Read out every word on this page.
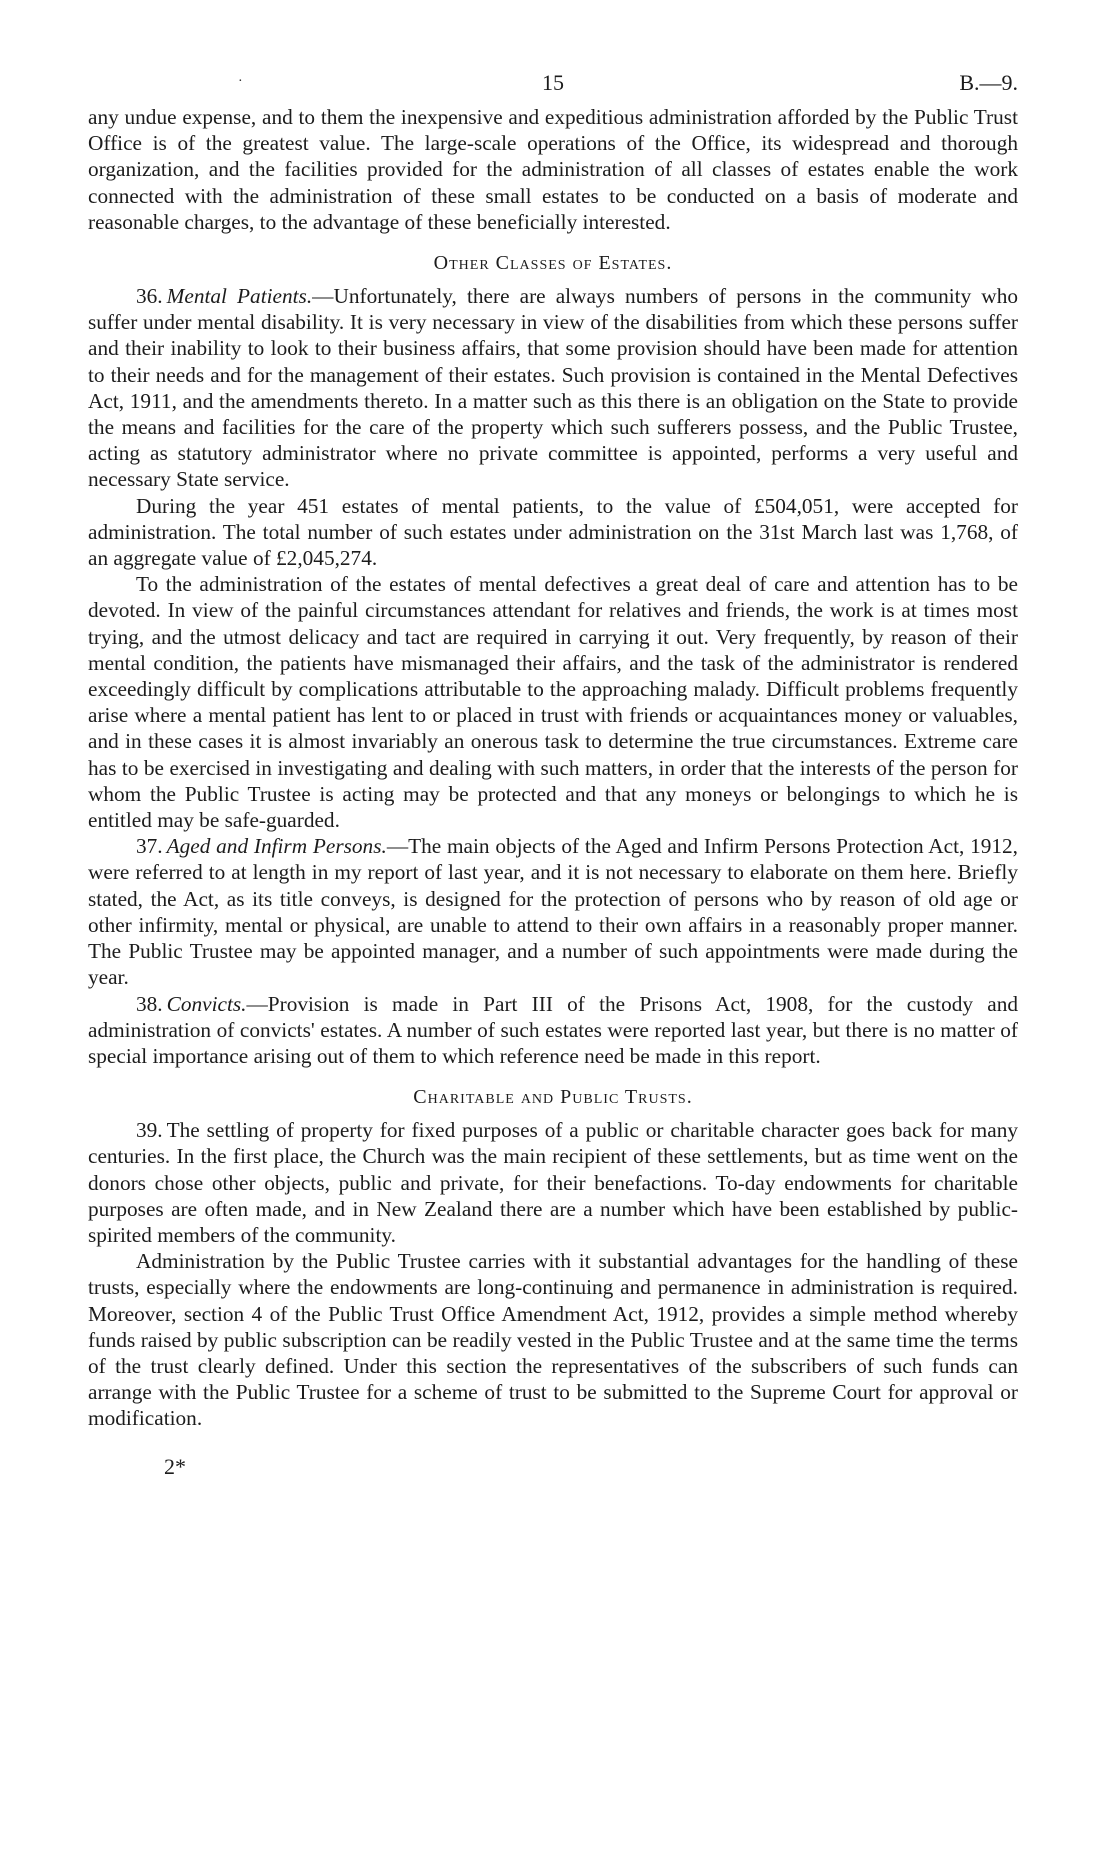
·	15	B.—9.

any undue expense, and to them the inexpensive and expeditious administration afforded by the Public Trust Office is of the greatest value. The large-scale operations of the Office, its widespread and thorough organization, and the facilities provided for the administration of all classes of estates enable the work connected with the administration of these small estates to be conducted on a basis of moderate and reasonable charges, to the advantage of these beneficially interested.

Other Classes of Estates.

36. Mental Patients.—Unfortunately, there are always numbers of persons in the community who suffer under mental disability. It is very necessary in view of the disabilities from which these persons suffer and their inability to look to their business affairs, that some provision should have been made for attention to their needs and for the management of their estates. Such provision is contained in the Mental Defectives Act, 1911, and the amendments thereto. In a matter such as this there is an obligation on the State to provide the means and facilities for the care of the property which such sufferers possess, and the Public Trustee, acting as statutory administrator where no private committee is appointed, performs a very useful and necessary State service.

During the year 451 estates of mental patients, to the value of £504,051, were accepted for administration. The total number of such estates under administration on the 31st March last was 1,768, of an aggregate value of £2,045,274.

To the administration of the estates of mental defectives a great deal of care and attention has to be devoted. In view of the painful circumstances attendant for relatives and friends, the work is at times most trying, and the utmost delicacy and tact are required in carrying it out. Very frequently, by reason of their mental condition, the patients have mismanaged their affairs, and the task of the administrator is rendered exceedingly difficult by complications attributable to the approaching malady. Difficult problems frequently arise where a mental patient has lent to or placed in trust with friends or acquaintances money or valuables, and in these cases it is almost invariably an onerous task to determine the true circumstances. Extreme care has to be exercised in investigating and dealing with such matters, in order that the interests of the person for whom the Public Trustee is acting may be protected and that any moneys or belongings to which he is entitled may be safe-guarded.

37. Aged and Infirm Persons.—The main objects of the Aged and Infirm Persons Protection Act, 1912, were referred to at length in my report of last year, and it is not necessary to elaborate on them here. Briefly stated, the Act, as its title conveys, is designed for the protection of persons who by reason of old age or other infirmity, mental or physical, are unable to attend to their own affairs in a reasonably proper manner. The Public Trustee may be appointed manager, and a number of such appointments were made during the year.

38. Convicts.—Provision is made in Part III of the Prisons Act, 1908, for the custody and administration of convicts' estates. A number of such estates were reported last year, but there is no matter of special importance arising out of them to which reference need be made in this report.

Charitable and Public Trusts.

39. The settling of property for fixed purposes of a public or charitable character goes back for many centuries. In the first place, the Church was the main recipient of these settlements, but as time went on the donors chose other objects, public and private, for their benefactions. To-day endowments for charitable purposes are often made, and in New Zealand there are a number which have been established by public-spirited members of the community.

Administration by the Public Trustee carries with it substantial advantages for the handling of these trusts, especially where the endowments are long-continuing and permanence in administration is required. Moreover, section 4 of the Public Trust Office Amendment Act, 1912, provides a simple method whereby funds raised by public subscription can be readily vested in the Public Trustee and at the same time the terms of the trust clearly defined. Under this section the representatives of the subscribers of such funds can arrange with the Public Trustee for a scheme of trust to be submitted to the Supreme Court for approval or modification.

2*
